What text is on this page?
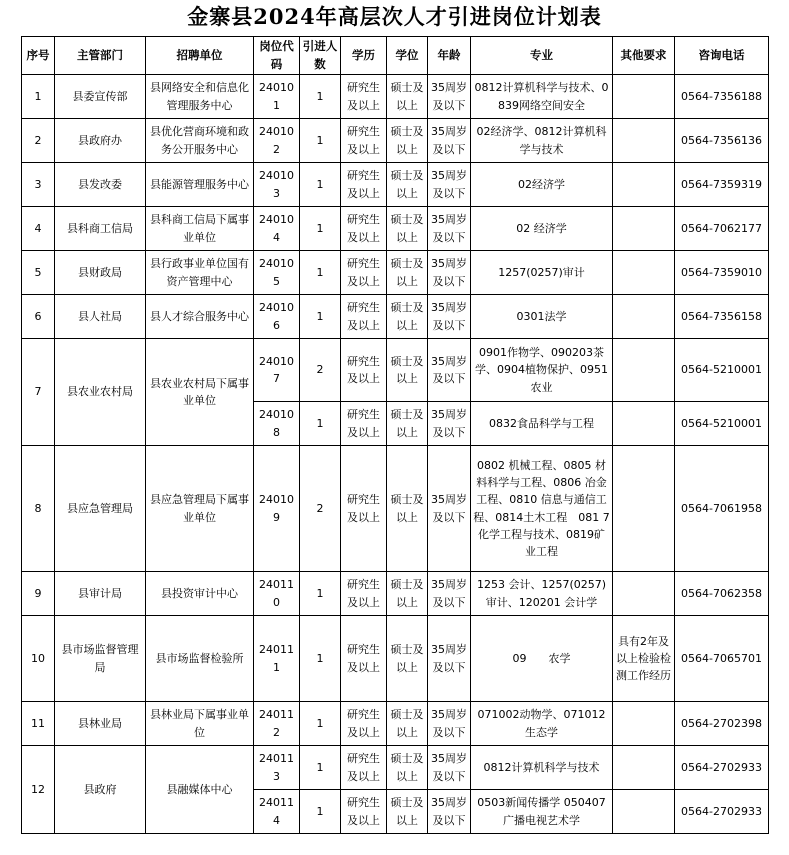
金寨县2024年高层次人才引进岗位计划表
序号	主管部门	招聘单位	岗位代码	引进人数	学历	学位	年龄	专业	其他要求	咨询电话
1	县委宣传部	县网络安全和信息化管理服务中心	240101	1	研究生及以上	硕士及以上	35周岁及以下	0812计算机科学与技术、0839网络空间安全		0564-7356188
2	县政府办	县优化营商环境和政务公开服务中心	240102	1	研究生及以上	硕士及以上	35周岁及以下	02经济学、0812计算机科学与技术		0564-7356136
3	县发改委	县能源管理服务中心	240103	1	研究生及以上	硕士及以上	35周岁及以下	02经济学		0564-7359319
4	县科商工信局	县科商工信局下属事业单位	240104	1	研究生及以上	硕士及以上	35周岁及以下	02 经济学		0564-7062177
5	县财政局	县行政事业单位国有资产管理中心	240105	1	研究生及以上	硕士及以上	35周岁及以下	1257(0257)审计		0564-7359010
6	县人社局	县人才综合服务中心	240106	1	研究生及以上	硕士及以上	35周岁及以下	0301法学		0564-7356158
7	县农业农村局	县农业农村局下属事业单位	240107	2	研究生及以上	硕士及以上	35周岁及以下	0901作物学、090203茶学、0904植物保护、0951农业		0564-5210001
			240108	1	研究生及以上	硕士及以上	35周岁及以下	0832食品科学与工程		0564-5210001
8	县应急管理局	县应急管理局下属事业单位	240109	2	研究生及以上	硕士及以上	35周岁及以下	0802 机械工程、0805 材料科学与工程、0806 冶金工程、0810 信息与通信工程、0814土木工程　081 7化学工程与技术、0819矿业工程		0564-7061958
9	县审计局	县投资审计中心	240110	1	研究生及以上	硕士及以上	35周岁及以下	1253 会计、1257(0257)审计、120201 会计学		0564-7062358
10	县市场监督管理局	县市场监督检验所	240111	1	研究生及以上	硕士及以上	35周岁及以下	09　　农学	具有2年及以上检验检测工作经历	0564-7065701
11	县林业局	县林业局下属事业单位	240112	1	研究生及以上	硕士及以上	35周岁及以下	071002动物学、071012生态学		0564-2702398
12	县政府	县融媒体中心	240113	1	研究生及以上	硕士及以上	35周岁及以下	0812计算机科学与技术		0564-2702933
			240114	1	研究生及以上	硕士及以上	35周岁及以下	0503新闻传播学 050407广播电视艺术学		0564-2702933
